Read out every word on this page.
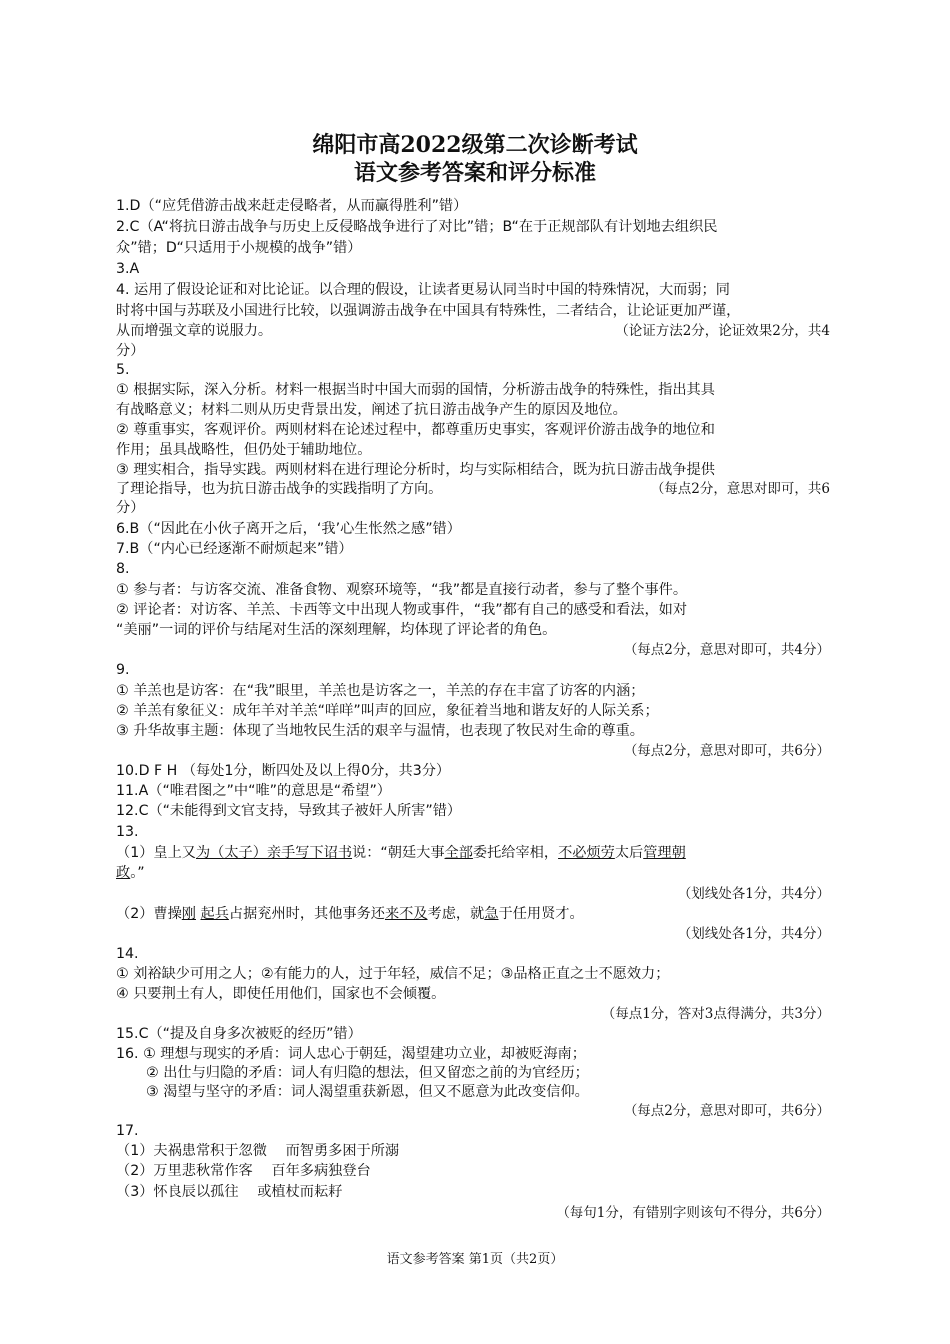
绵阳市高2022级第二次诊断考试
语文参考答案和评分标准
1.D（“应凭借游击战来赶走侵略者，从而赢得胜利”错）
2.C（A“将抗日游击战争与历史上反侵略战争进行了对比”错；B“在于正规部队有计划地去组织民
众”错；D“只适用于小规模的战争”错）
3.A
4. 运用了假设论证和对比论证。以合理的假设，让读者更易认同当时中国的特殊情况，大而弱；同
时将中国与苏联及小国进行比较，以强调游击战争在中国具有特殊性，二者结合，让论证更加严谨，
从而增强文章的说服力。	（论证方法2分，论证效果2分，共4
分）
5.
① 根据实际，深入分析。材料一根据当时中国大而弱的国情，分析游击战争的特殊性，指出其具
有战略意义；材料二则从历史背景出发，阐述了抗日游击战争产生的原因及地位。
② 尊重事实，客观评价。两则材料在论述过程中，都尊重历史事实，客观评价游击战争的地位和
作用；虽具战略性，但仍处于辅助地位。
③ 理实相合，指导实践。两则材料在进行理论分析时，均与实际相结合，既为抗日游击战争提供
了理论指导，也为抗日游击战争的实践指明了方向。	（每点2分，意思对即可，共6
分）
6.B（“因此在小伙子离开之后，‘我’心生怅然之感”错）
7.B（“内心已经逐渐不耐烦起来”错）
8.
① 参与者：与访客交流、准备食物、观察环境等，“我”都是直接行动者，参与了整个事件。
② 评论者：对访客、羊羔、卡西等文中出现人物或事件，“我”都有自己的感受和看法，如对
“美丽”一词的评价与结尾对生活的深刻理解，均体现了评论者的角色。
（每点2分，意思对即可，共4分）
9.
① 羊羔也是访客：在“我”眼里，羊羔也是访客之一，羊羔的存在丰富了访客的内涵；
② 羊羔有象征义：成年羊对羊羔“咩咩”叫声的回应，象征着当地和谐友好的人际关系；
③ 升华故事主题：体现了当地牧民生活的艰辛与温情，也表现了牧民对生命的尊重。
（每点2分，意思对即可，共6分）
10.D F H （每处1分，断四处及以上得0分，共3分）
11.A（“唯君图之”中“唯”的意思是“希望”）
12.C（“未能得到文官支持，导致其子被奸人所害”错）
13.
（1）皇上又为（太子）亲手写下诏书说：“朝廷大事全部委托给宰相，不必烦劳太后管理朝
政。”
（划线处各1分，共4分）
（2）曹操刚 起兵占据兖州时，其他事务还来不及考虑，就急于任用贤才。
（划线处各1分，共4分）
14.
① 刘裕缺少可用之人；②有能力的人，过于年轻，威信不足；③品格正直之士不愿效力；
④ 只要荆土有人，即使任用他们，国家也不会倾覆。
（每点1分，答对3点得满分，共3分）
15.C（“提及自身多次被贬的经历”错）
16. ① 理想与现实的矛盾：词人忠心于朝廷，渴望建功立业，却被贬海南；
② 出仕与归隐的矛盾：词人有归隐的想法，但又留恋之前的为官经历；
③ 渴望与坚守的矛盾：词人渴望重获新恩，但又不愿意为此改变信仰。
（每点2分，意思对即可，共6分）
17.
（1）夫祸患常积于忽微　 而智勇多困于所溺
（2）万里悲秋常作客　 百年多病独登台
（3）怀良辰以孤往　 或植杖而耘耔
（每句1分，有错别字则该句不得分，共6分）
语文参考答案 第1页（共2页）
